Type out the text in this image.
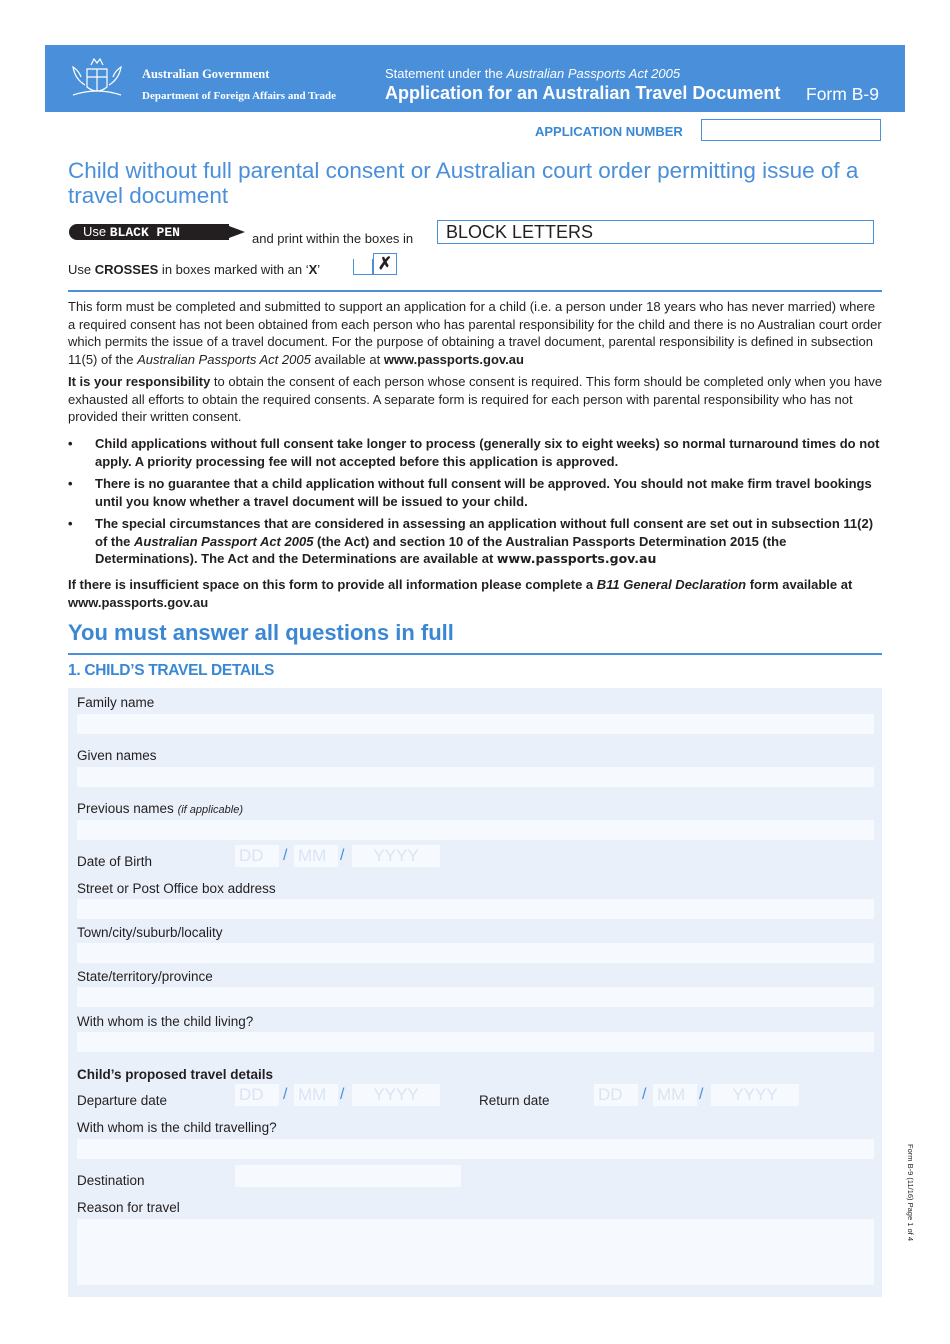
Australian Government
Department of Foreign Affairs and Trade
Statement under the Australian Passports Act 2005
Application for an Australian Travel Document Form B-9
APPLICATION NUMBER
Child without full parental consent or Australian court order permitting issue of a travel document
Use BLACK PEN	and print within the boxes in	BLOCK LETTERS
Use CROSSES in boxes marked with an ‘X’	✗
This form must be completed and submitted to support an application for a child (i.e. a person under 18 years who has never married) where a required consent has not been obtained from each person who has parental responsibility for the child and there is no Australian court order which permits the issue of a travel document. For the purpose of obtaining a travel document, parental responsibility is defined in subsection 11(5) of the Australian Passports Act 2005 available at www.passports.gov.au
It is your responsibility to obtain the consent of each person whose consent is required. This form should be completed only when you have exhausted all efforts to obtain the required consents. A separate form is required for each person with parental responsibility who has not provided their written consent.
• Child applications without full consent take longer to process (generally six to eight weeks) so normal turnaround times do not apply. A priority processing fee will not accepted before this application is approved.
• There is no guarantee that a child application without full consent will be approved. You should not make firm travel bookings until you know whether a travel document will be issued to your child.
• The special circumstances that are considered in assessing an application without full consent are set out in subsection 11(2) of the Australian Passport Act 2005 (the Act) and section 10 of the Australian Passports Determination 2015 (the Determinations). The Act and the Determinations are available at www.passports.gov.au
If there is insufficient space on this form to provide all information please complete a B11 General Declaration form available at www.passports.gov.au
You must answer all questions in full
1. CHILD’S TRAVEL DETAILS
Family name
Given names
Previous names (if applicable)
Date of Birth	DD	/ MM /	YYYY
Street or Post Office box address
Town/city/suburb/locality
State/territory/province
With whom is the child living?
Child’s proposed travel details
Departure date	DD	/ MM /	YYYY	Return date	DD	/ MM /	YYYY
With whom is the child travelling?
Destination
Reason for travel	Form B-9 (11/16) Page 1 of 4
